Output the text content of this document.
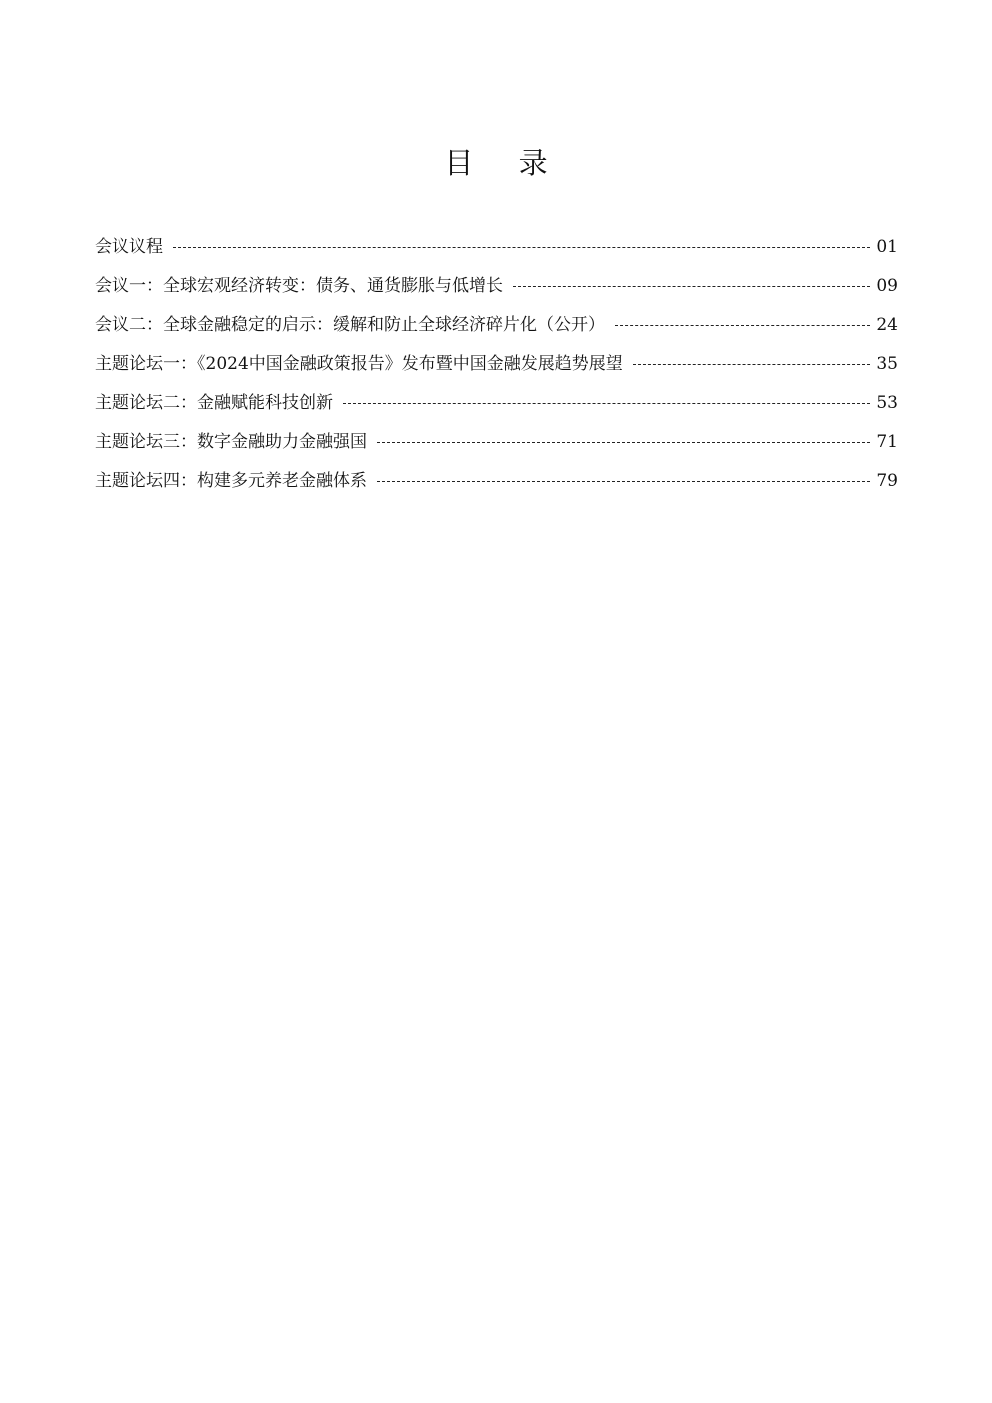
目 录
会议议程	01
会议一：全球宏观经济转变：债务、通货膨胀与低增长	09
会议二：全球金融稳定的启示：缓解和防止全球经济碎片化（公开）	24
主题论坛一：《2024中国金融政策报告》发布暨中国金融发展趋势展望	35
主题论坛二：金融赋能科技创新	53
主题论坛三：数字金融助力金融强国	71
主题论坛四：构建多元养老金融体系	79
